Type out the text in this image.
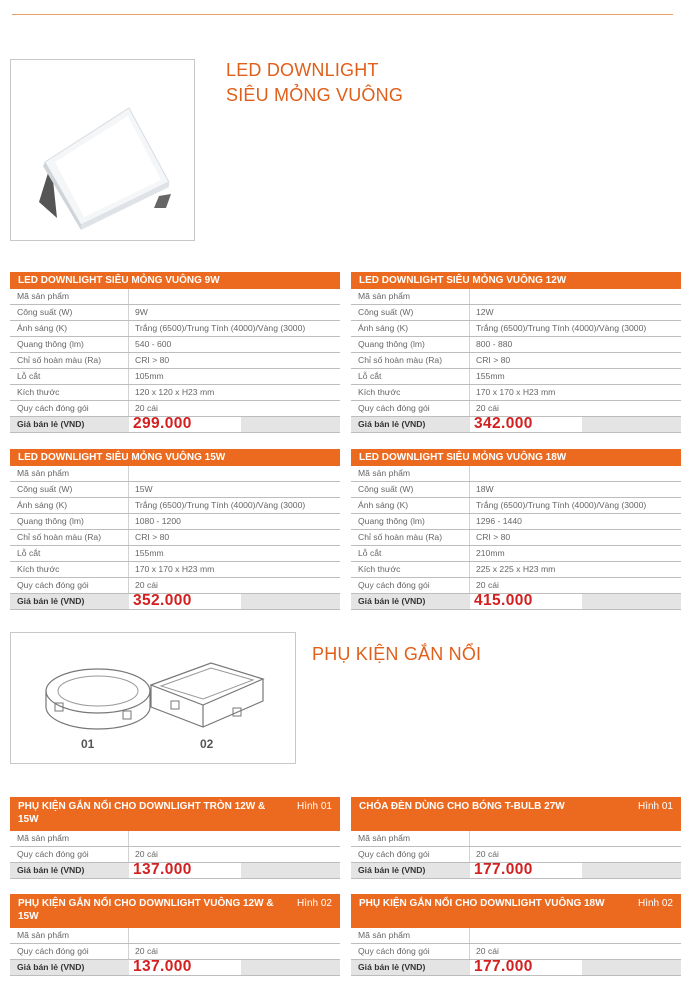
LED DOWNLIGHT
SIÊU MỎNG VUÔNG
LED DOWNLIGHT SIÊU MỎNG VUÔNG 9W
Mã sản phẩm
Công suất (W)	9W
Ánh sáng (K)	Trắng (6500)/Trung Tính (4000)/Vàng (3000)
Quang thông (lm)	540 - 600
Chỉ số hoàn màu (Ra)	CRI > 80
Lỗ cắt	105mm
Kích thước	120 x 120 x H23 mm
Quy cách đóng gói	20 cái
Giá bán lẻ (VND)	299.000
LED DOWNLIGHT SIÊU MỎNG VUÔNG 12W
Mã sản phẩm
Công suất (W)	12W
Ánh sáng (K)	Trắng (6500)/Trung Tính (4000)/Vàng (3000)
Quang thông (lm)	800 - 880
Chỉ số hoàn màu (Ra)	CRI > 80
Lỗ cắt	155mm
Kích thước	170 x 170 x H23 mm
Quy cách đóng gói	20 cái
Giá bán lẻ (VND)	342.000
LED DOWNLIGHT SIÊU MỎNG VUÔNG 15W
Mã sản phẩm
Công suất (W)	15W
Ánh sáng (K)	Trắng (6500)/Trung Tính (4000)/Vàng (3000)
Quang thông (lm)	1080 - 1200
Chỉ số hoàn màu (Ra)	CRI > 80
Lỗ cắt	155mm
Kích thước	170 x 170 x H23 mm
Quy cách đóng gói	20 cái
Giá bán lẻ (VND)	352.000
LED DOWNLIGHT SIÊU MỎNG VUÔNG 18W
Mã sản phẩm
Công suất (W)	18W
Ánh sáng (K)	Trắng (6500)/Trung Tính (4000)/Vàng (3000)
Quang thông (lm)	1296 - 1440
Chỉ số hoàn màu (Ra)	CRI > 80
Lỗ cắt	210mm
Kích thước	225 x 225 x H23 mm
Quy cách đóng gói	20 cái
Giá bán lẻ (VND)	415.000
01	02
PHỤ KIỆN GẮN NỔI
PHỤ KIỆN GẮN NỔI CHO DOWNLIGHT TRÒN 12W & 15W
Hình 01
Mã sản phẩm
Quy cách đóng gói	20 cái
Giá bán lẻ (VND)	137.000
CHÓA ĐÈN DÙNG CHO BÓNG T-BULB 27W	Hình 01
Mã sản phẩm
Quy cách đóng gói	20 cái
Giá bán lẻ (VND)	177.000
PHỤ KIỆN GẮN NỔI CHO DOWNLIGHT VUÔNG 12W & 15W
Hình 02
Mã sản phẩm
Quy cách đóng gói	20 cái
Giá bán lẻ (VND)	137.000
PHỤ KIỆN GẮN NỔI CHO DOWNLIGHT VUÔNG 18W	Hình 02
Mã sản phẩm
Quy cách đóng gói	20 cái
Giá bán lẻ (VND)	177.000
